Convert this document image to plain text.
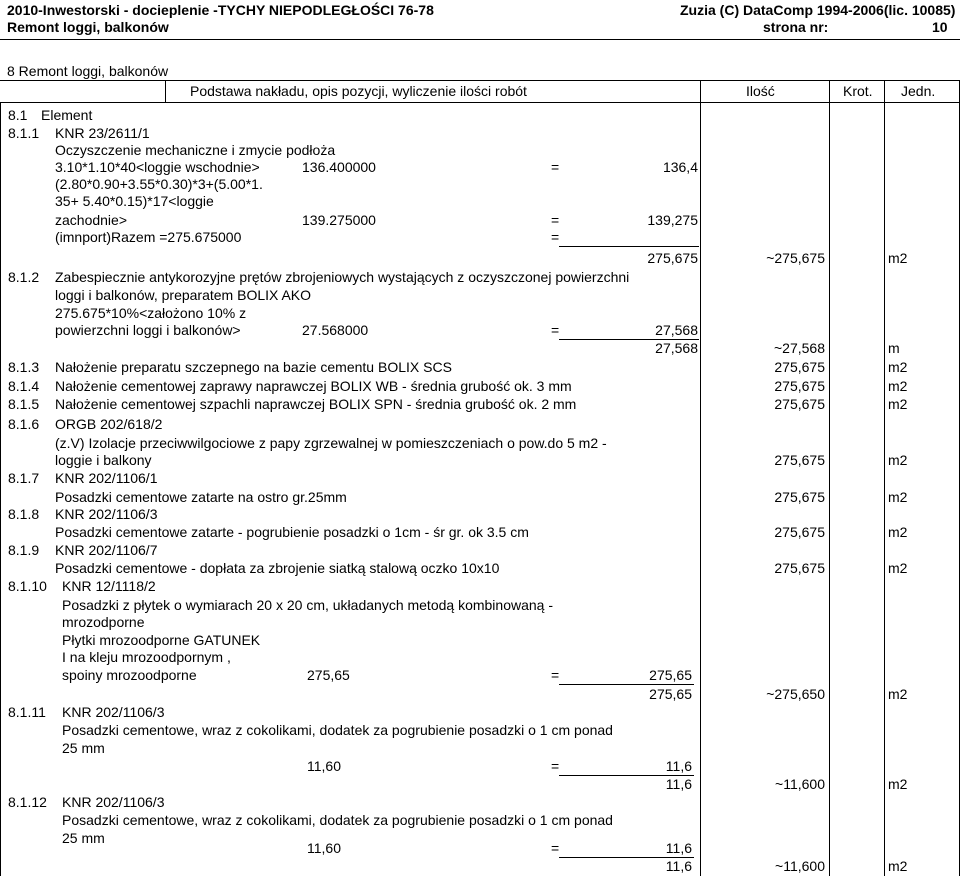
2010-Inwestorski - docieplenie -TYCHY NIEPODLEGŁOŚCI 76-78
Remont loggi, balkonów
Zuzia (C) DataComp 1994-2006(lic. 10085)
strona nr:	10
8 Remont loggi, balkonów
Podstawa nakładu, opis pozycji, wyliczenie ilości robót	Ilość	Krot. Jedn.
8.1 Element
8.1.1 KNR 23/2611/1
Oczyszczenie mechaniczne i zmycie podłoża
3.10*1.10*40<loggie wschodnie>	136.400000	=	136,4
(2.80*0.90+3.55*0.30)*3+(5.00*1.
35+ 5.40*0.15)*17<loggie
zachodnie>	139.275000	=	139,275
(imnport)Razem =275.675000	=
275,675	~275,675	m2
8.1.2 Zabespiecznie antykorozyjne prętów zbrojeniowych wystających z oczyszczonej powierzchni
loggi i balkonów, preparatem BOLIX AKO
275.675*10%<założono 10% z
powierzchni loggi i balkonów>	27.568000	=	27,568
27,568	~27,568	m
8.1.3 Nałożenie preparatu szczepnego na bazie cementu BOLIX SCS	275,675	m2
8.1.4 Nałożenie cementowej zaprawy naprawczej BOLIX WB - średnia grubość ok. 3 mm	275,675	m2
8.1.5 Nałożenie cementowej szpachli naprawczej BOLIX SPN - średnia grubość ok. 2 mm	275,675	m2
8.1.6 ORGB 202/618/2
(z.V) Izolacje przeciwwilgociowe z papy zgrzewalnej w pomieszczeniach o pow.do 5 m2 -
loggie i balkony	275,675	m2
8.1.7 KNR 202/1106/1
Posadzki cementowe zatarte na ostro gr.25mm	275,675	m2
8.1.8 KNR 202/1106/3
Posadzki cementowe zatarte - pogrubienie posadzki o 1cm - śr gr. ok 3.5 cm	275,675	m2
8.1.9 KNR 202/1106/7
Posadzki cementowe - dopłata za zbrojenie siatką stalową oczko 10x10	275,675	m2
8.1.10 KNR 12/1118/2
Posadzki z płytek o wymiarach 20 x 20 cm, układanych metodą kombinowaną -
mrozodporne
Płytki mrozoodporne GATUNEK
I na kleju mrozoodpornym ,
spoiny mrozoodporne	275,65	=	275,65
275,65	~275,650	m2
8.1.11 KNR 202/1106/3
Posadzki cementowe, wraz z cokolikami, dodatek za pogrubienie posadzki o 1 cm ponad
25 mm
11,60	=	11,6
11,6	~11,600	m2
8.1.12 KNR 202/1106/3
Posadzki cementowe, wraz z cokolikami, dodatek za pogrubienie posadzki o 1 cm ponad
25 mm
11,60	=	11,6
11,6	~11,600	m2
